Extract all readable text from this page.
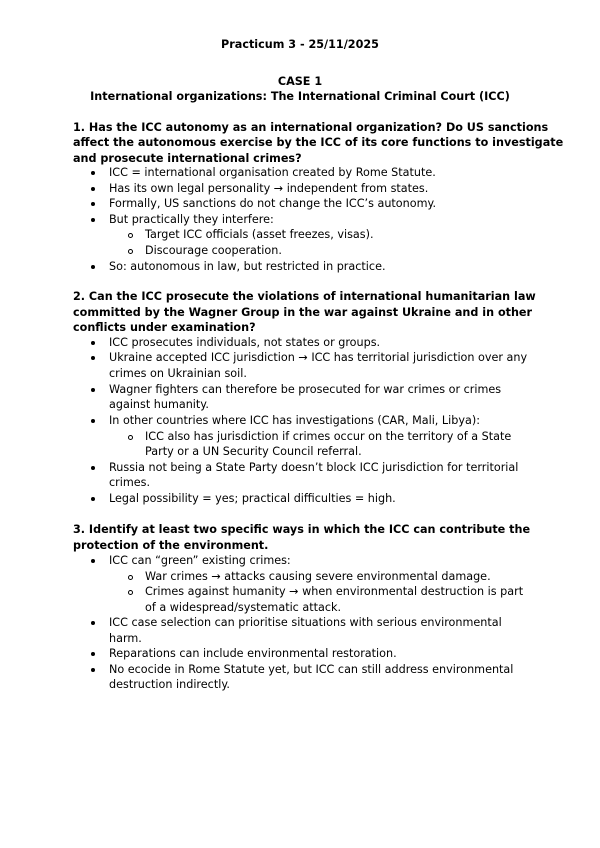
Practicum 3 - 25/11/2025
CASE 1
International organizations: The International Criminal Court (ICC)
1. Has the ICC autonomy as an international organization? Do US sanctions
affect the autonomous exercise by the ICC of its core functions to investigate
and prosecute international crimes?
ICC = international organisation created by Rome Statute.
Has its own legal personality → independent from states.
Formally, US sanctions do not change the ICC’s autonomy.
But practically they interfere:
Target ICC officials (asset freezes, visas).
Discourage cooperation.
So: autonomous in law, but restricted in practice.
2. Can the ICC prosecute the violations of international humanitarian law
committed by the Wagner Group in the war against Ukraine and in other
conflicts under examination?
ICC prosecutes individuals, not states or groups.
Ukraine accepted ICC jurisdiction → ICC has territorial jurisdiction over any
crimes on Ukrainian soil.
Wagner fighters can therefore be prosecuted for war crimes or crimes
against humanity.
In other countries where ICC has investigations (CAR, Mali, Libya):
ICC also has jurisdiction if crimes occur on the territory of a State
Party or a UN Security Council referral.
Russia not being a State Party doesn’t block ICC jurisdiction for territorial
crimes.
Legal possibility = yes; practical difficulties = high.
3. Identify at least two specific ways in which the ICC can contribute the
protection of the environment.
ICC can “green” existing crimes:
War crimes → attacks causing severe environmental damage.
Crimes against humanity → when environmental destruction is part
of a widespread/systematic attack.
ICC case selection can prioritise situations with serious environmental
harm.
Reparations can include environmental restoration.
No ecocide in Rome Statute yet, but ICC can still address environmental
destruction indirectly.
